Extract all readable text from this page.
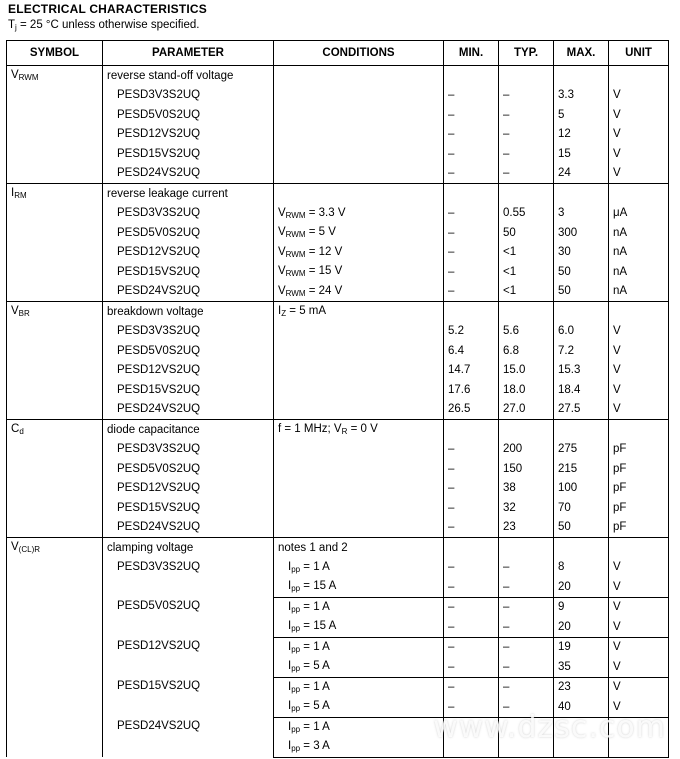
ELECTRICAL CHARACTERISTICS
$T_j = 25$ °C unless otherwise specified.
SYMBOL	PARAMETER	CONDITIONS	MIN.	TYP.	MAX.	UNIT
$V_{RWM}$	reverse stand-off voltage					
	PESD3V3S2UQ		–	–	3.3	V
	PESD5V0S2UQ		–	–	5	V
	PESD12VS2UQ		–	–	12	V
	PESD15VS2UQ		–	–	15	V
	PESD24VS2UQ		–	–	24	V
$I_{RM}$	reverse leakage current					
	PESD3V3S2UQ	$V_{RWM} = 3.3$ V	–	0.55	3	μA
	PESD5V0S2UQ	$V_{RWM} = 5$ V	–	50	300	nA
	PESD12VS2UQ	$V_{RWM} = 12$ V	–	<1	30	nA
	PESD15VS2UQ	$V_{RWM} = 15$ V	–	<1	50	nA
	PESD24VS2UQ	$V_{RWM} = 24$ V	–	<1	50	nA
$V_{BR}$	breakdown voltage	$I_Z = 5$ mA				
	PESD3V3S2UQ		5.2	5.6	6.0	V
	PESD5V0S2UQ		6.4	6.8	7.2	V
	PESD12VS2UQ		14.7	15.0	15.3	V
	PESD15VS2UQ		17.6	18.0	18.4	V
	PESD24VS2UQ		26.5	27.0	27.5	V
$C_d$	diode capacitance	f = 1 MHz; $V_R = 0$ V				
	PESD3V3S2UQ		–	200	275	pF
	PESD5V0S2UQ		–	150	215	pF
	PESD12VS2UQ		–	38	100	pF
	PESD15VS2UQ		–	32	70	pF
	PESD24VS2UQ		–	23	50	pF
$V_{(CL)R}$	clamping voltage	notes 1 and 2				
	PESD3V3S2UQ	$I_{pp} = 1$ A	–	–	8	V
		$I_{pp} = 15$ A	–	–	20	V
	PESD5V0S2UQ	$I_{pp} = 1$ A	–	–	9	V
		$I_{pp} = 15$ A	–	–	20	V
	PESD12VS2UQ	$I_{pp} = 1$ A	–	–	19	V
		$I_{pp} = 5$ A	–	–	35	V
	PESD15VS2UQ	$I_{pp} = 1$ A	–	–	23	V
		$I_{pp} = 5$ A	–	–	40	V
	PESD24VS2UQ	$I_{pp} = 1$ A				
		$I_{pp} = 3$ A				
www.dzsc.com
